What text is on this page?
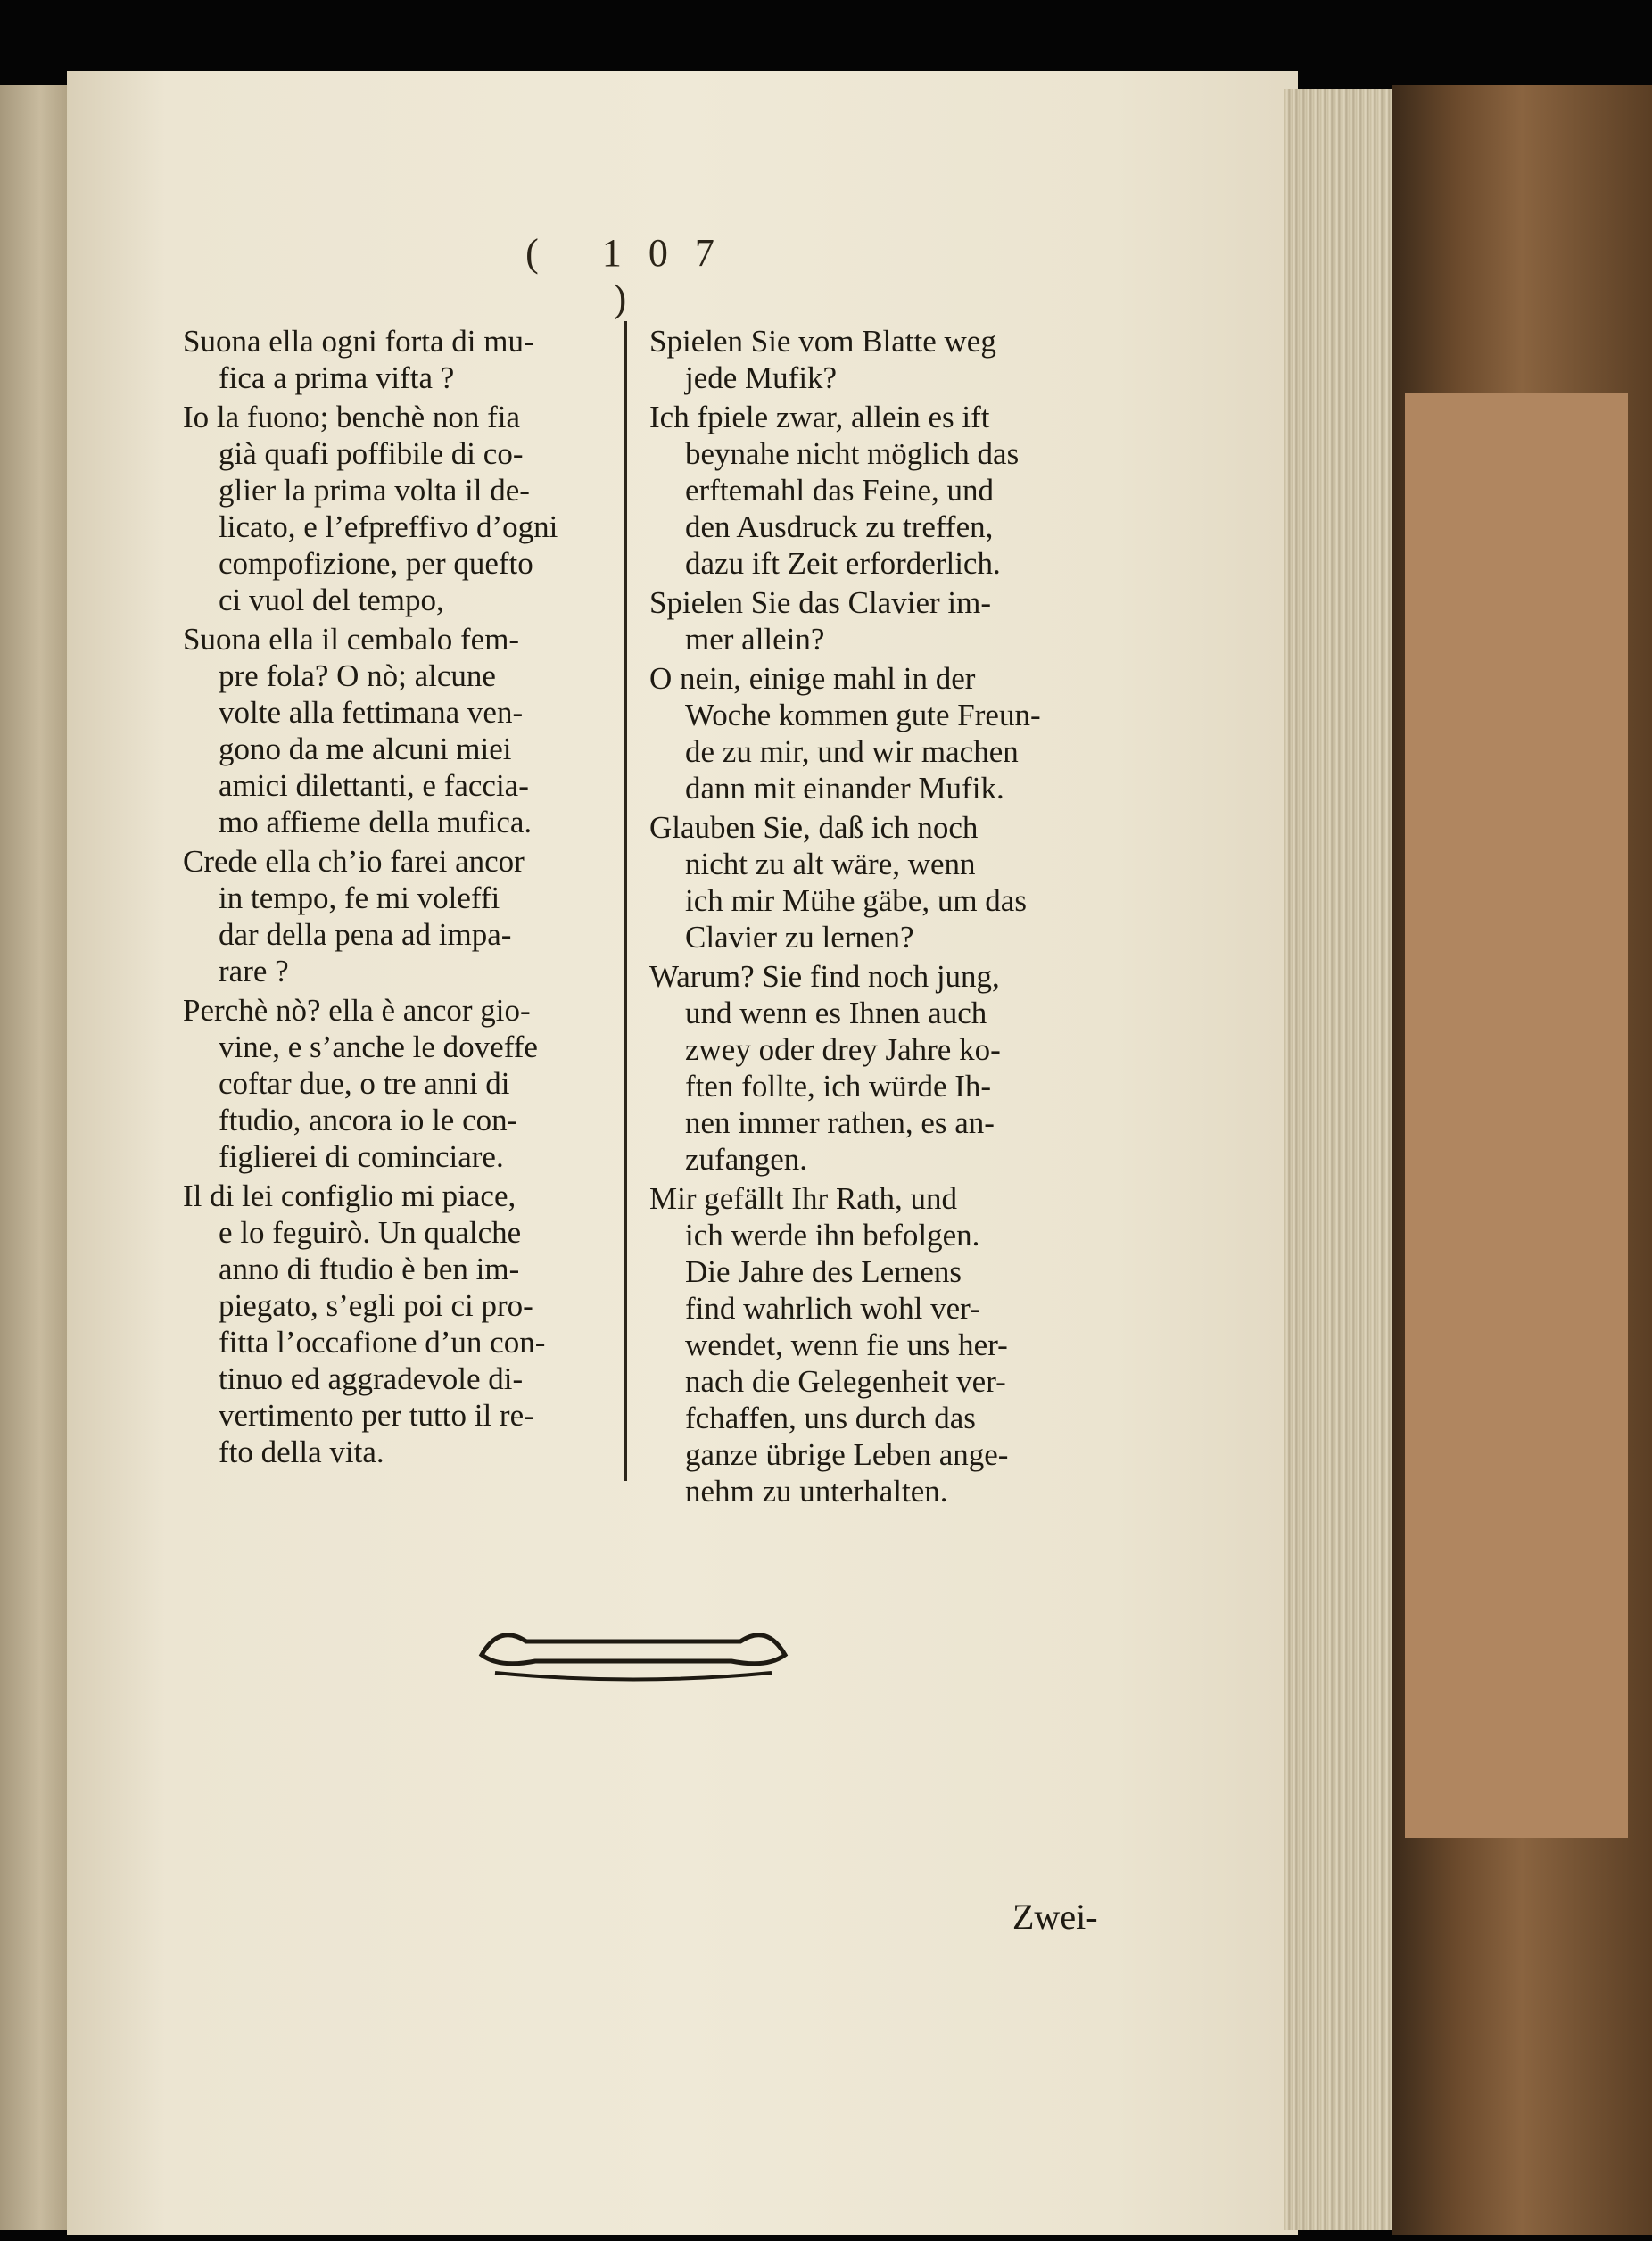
( 107 )
Suona ella ogni forta di mu-
fica a prima vifta ?
Io la fuono; benchè non fia
già quafi poffibile di co-
glier la prima volta il de-
licato, e l’efpreffivo d’ogni
compofizione, per quefto
ci vuol del tempo,
Suona ella il cembalo fem-
pre fola? O nò; alcune
volte alla fettimana ven-
gono da me alcuni miei
amici dilettanti, e faccia-
mo affieme della mufica.
Crede ella ch’io farei ancor
in tempo, fe mi voleffi
dar della pena ad impa-
rare ?
Perchè nò? ella è ancor gio-
vine, e s’anche le doveffe
coftar due, o tre anni di
ftudio, ancora io le con-
figlierei di cominciare.
Il di lei configlio mi piace,
e lo feguirò. Un qualche
anno di ftudio è ben im-
piegato, s’egli poi ci pro-
fitta l’occafione d’un con-
tinuo ed aggradevole di-
vertimento per tutto il re-
fto della vita.
Spielen Sie vom Blatte weg
jede Mufik?
Ich fpiele zwar, allein es ift
beynahe nicht möglich das
erftemahl das Feine, und
den Ausdruck zu treffen,
dazu ift Zeit erforderlich.
Spielen Sie das Clavier im-
mer allein?
O nein, einige mahl in der
Woche kommen gute Freun-
de zu mir, und wir machen
dann mit einander Mufik.
Glauben Sie, daß ich noch
nicht zu alt wäre, wenn
ich mir Mühe gäbe, um das
Clavier zu lernen?
Warum? Sie find noch jung,
und wenn es Ihnen auch
zwey oder drey Jahre ko-
ften follte, ich würde Ih-
nen immer rathen, es an-
zufangen.
Mir gefällt Ihr Rath, und
ich werde ihn befolgen.
Die Jahre des Lernens
find wahrlich wohl ver-
wendet, wenn fie uns her-
nach die Gelegenheit ver-
fchaffen, uns durch das
ganze übrige Leben ange-
nehm zu unterhalten.
Zwei-
